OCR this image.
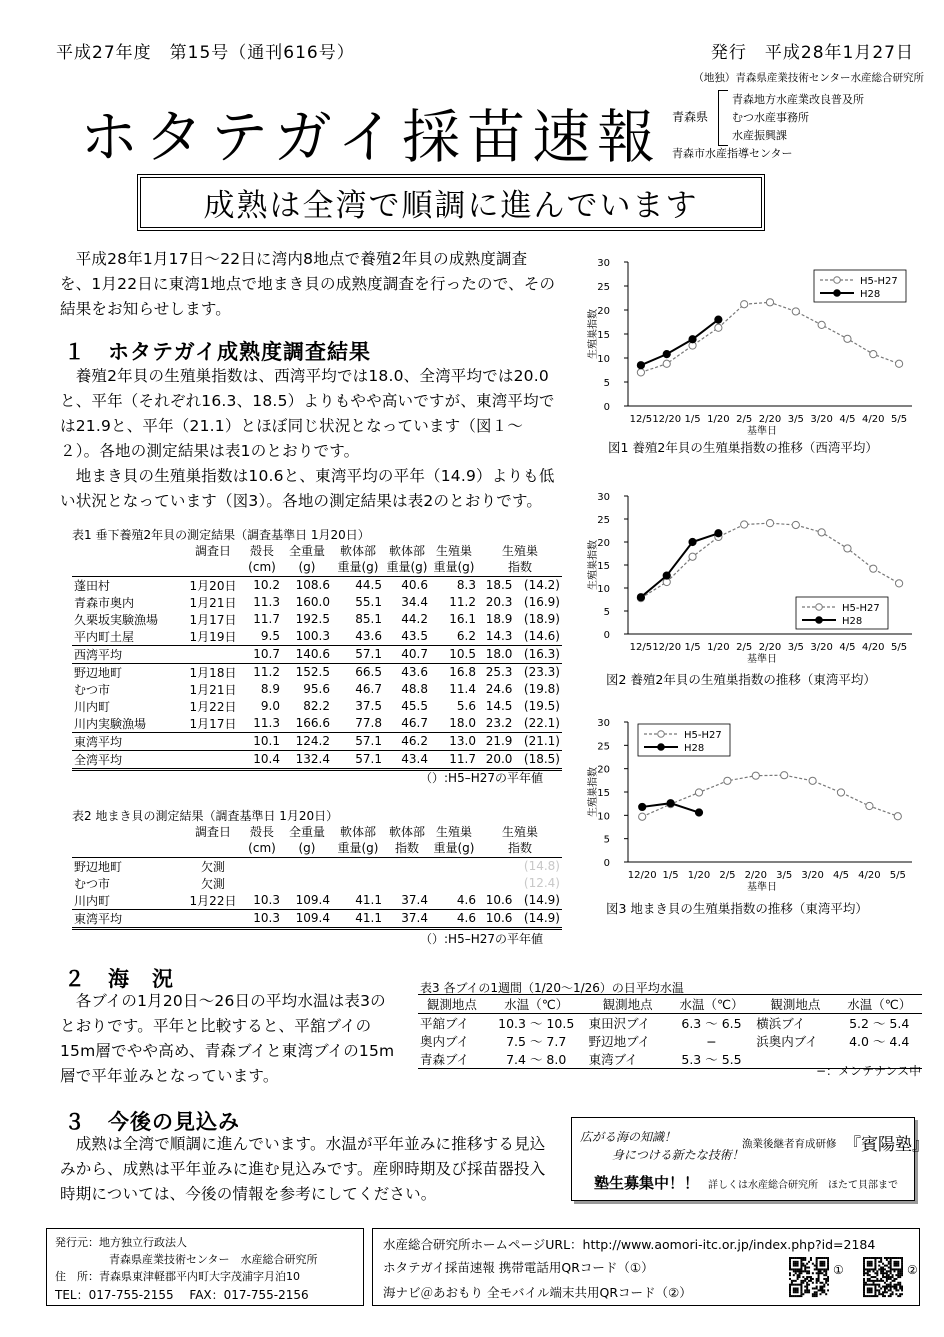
平成27年度　第15号（通刊616号）	発行　平成28年1月27日
（地独）青森県産業技術センター水産総合研究所
ホタテガイ採苗速報 青森県
青森地方水産業改良普及所
むつ水産事務所
水産振興課
青森市水産指導センター
成熟は全湾で順調に進んでいます
　平成28年1月17日～22日に湾内8地点で養殖2年貝の成熟度調査
を、1月22日に東湾1地点で地まき貝の成熟度調査を行ったので、その
結果をお知らせします。
１　ホタテガイ成熟度調査結果
　養殖2年貝の生殖巣指数は、西湾平均では18.0、全湾平均では20.0
と、平年（それぞれ16.3、18.5）よりもやや高いですが、東湾平均で
は21.9と、平年（21.1）とほぼ同じ状況となっています（図１～
２）。各地の測定結果は表1のとおりです。
　地まき貝の生殖巣指数は10.6と、東湾平均の平年（14.9）よりも低
い状況となっています（図3）。各地の測定結果は表2のとおりです。
表1 垂下養殖2年貝の測定結果（調査基準日 1月20日）
	調査日	殻長	全重量	軟体部	軟体部	生殖巣	生殖巣	
		(cm)	(g)	重量(g)	重量(g)	重量(g)	指数	
蓬田村	1月20日	10.2	108.6	44.5	40.6	8.3	18.5	(14.2)
青森市奥内	1月21日	11.3	160.0	55.1	34.4	11.2	20.3	(16.9)
久栗坂実験漁場	1月17日	11.7	192.5	85.1	44.2	16.1	18.9	(18.9)
平内町土屋	1月19日	9.5	100.3	43.6	43.5	6.2	14.3	(14.6)
西湾平均		10.7	140.6	57.1	40.7	10.5	18.0	(16.3)
野辺地町	1月18日	11.2	152.5	66.5	43.6	16.8	25.3	(23.3)
むつ市	1月21日	8.9	95.6	46.7	48.8	11.4	24.6	(19.8)
川内町	1月22日	9.0	82.2	37.5	45.5	5.6	14.5	(19.5)
川内実験漁場	1月17日	11.3	166.6	77.8	46.7	18.0	23.2	(22.1)
東湾平均		10.1	124.2	57.1	46.2	13.0	21.9	(21.1)
全湾平均		10.4	132.4	57.1	43.4	11.7	20.0	(18.5)
（）:H5–H27の平年値
表2 地まき貝の測定結果（調査基準日 1月20日）
	調査日	殻長	全重量	軟体部	軟体部	生殖巣	生殖巣	
		(cm)	(g)	重量(g)	指数	重量(g)	指数	
野辺地町	欠測							(14.8)
むつ市	欠測							(12.4)
川内町	1月22日	10.3	109.4	41.1	37.4	4.6	10.6	(14.9)
東湾平均		10.3	109.4	41.1	37.4	4.6	10.6	(14.9)
（）:H5–H27の平年値
0
5
10
15
20
25
30
12/5 12/20 1/5 1/20 2/5 2/20 3/5 3/20 4/5 4/20 5/5
基準日
生殖巣指数
H5-H27
H28
図1 養殖2年貝の生殖巣指数の推移（西湾平均）
0
5
10
15
20
25
30
12/5 12/20 1/5 1/20 2/5 2/20 3/5 3/20 4/5 4/20 5/5
基準日
生殖巣指数
H5-H27
H28
図2 養殖2年貝の生殖巣指数の推移（東湾平均）
0
5
10
15
20
25
30
12/20 1/5 1/20 2/5 2/20 3/5 3/20 4/5 4/20 5/5
基準日
生殖巣指数
H5-H27
H28
図3 地まき貝の生殖巣指数の推移（東湾平均）
２　海　況
　各ブイの1月20日～26日の平均水温は表3の
とおりです。平年と比較すると、平舘ブイの
15m層でやや高め、青森ブイと東湾ブイの15m
層で平年並みとなっています。
表3 各ブイの1週間（1/20～1/26）の日平均水温
観測地点	水温（℃）	観測地点	水温（℃）	観測地点	水温（℃）
平舘ブイ	10.3 ～ 10.5	東田沢ブイ	6.3 ～ 6.5	横浜ブイ	5.2 ～ 5.4
奥内ブイ	7.5 ～ 7.7	野辺地ブイ	−	浜奥内ブイ	4.0 ～ 4.4
青森ブイ	7.4 ～ 8.0	東湾ブイ	5.3 ～ 5.5		
−：メンテナンス中
３　今後の見込み
　成熟は全湾で順調に進んでいます。水温が平年並みに推移する見込
みから、成熟は平年並みに進む見込みです。産卵時期及び採苗器投入
時期については、今後の情報を参考にしてください。
広がる海の知識！
身につける新たな技術！
漁業後継者育成研修 『賓陽塾』
塾生募集中！！ 詳しくは水産総合研究所　ほたて貝部まで
発行元：地方独立行政法人
青森県産業技術センター　水産総合研究所
住　所：青森県東津軽郡平内町大字茂浦字月泊10
TEL：017-755-2155　 FAX：017-755-2156
水産総合研究所ホームページURL：http://www.aomori-itc.or.jp/index.php?id=2184
ホタテガイ採苗速報 携帯電話用QRコード（①）
海ナビ＠あおもり 全モバイル端末共用QRコード（②）
①	②
